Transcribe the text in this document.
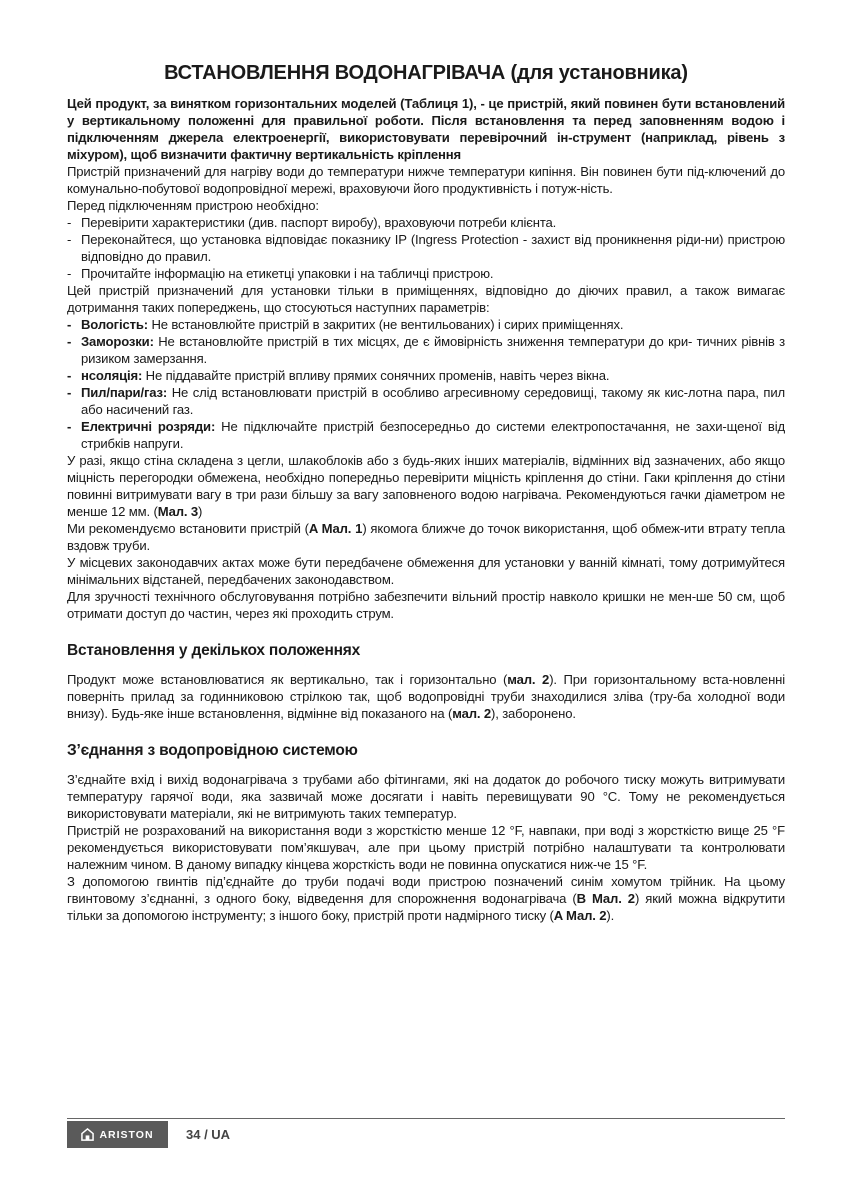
ВСТАНОВЛЕННЯ ВОДОНАГРІВАЧА (для установника)

Цей продукт, за винятком горизонтальних моделей (Таблиця 1), - це пристрій, який повинен бути встановлений у вертикальному положенні для правильної роботи. Після встановлення та перед заповненням водою і підключенням джерела електроенергії, використовувати перевірочний ін-струмент (наприклад, рівень з міхуром), щоб визначити фактичну вертикальність кріплення

Пристрій призначений для нагріву води до температури нижче температури кипіння. Він повинен бути під-ключений до комунально-побутової водопровідної мережі, враховуючи його продуктивність і потуж-ність.

Перед підключенням пристрою необхідно:

- Перевірити характеристики (див. паспорт виробу), враховуючи потреби клієнта.
- Переконайтеся, що установка відповідає показнику IP (Ingress Protection - захист від проникнення ріди-ни) пристрою відповідно до правил.
- Прочитайте інформацію на етикетці упаковки і на табличці пристрою.

Цей пристрій призначений для установки тільки в приміщеннях, відповідно до діючих правил, а також вимагає дотримання таких попереджень, що стосуються наступних параметрів:

- Вологість: Не встановлюйте пристрій в закритих (не вентильованих) і сирих приміщеннях.
- Заморозки: Не встановлюйте пристрій в тих місцях, де є ймовірність зниження температури до кри- тичних рівнів з ризиком замерзання.
- нсоляція: Не піддавайте пристрій впливу прямих сонячних променів, навіть через вікна.
- Пил/пари/газ: Не слід встановлювати пристрій в особливо агресивному середовищі, такому як кис-лотна пара, пил або насичений газ.
- Електричні розряди: Не підключайте пристрій безпосередньо до системи електропостачання, не захи-щеної від стрибків напруги.

У разі, якщо стіна складена з цегли, шлакоблоків або з будь-яких інших матеріалів, відмінних від зазначених, або якщо міцність перегородки обмежена, необхідно попередньо перевірити міцність кріплення до стіни. Гаки кріплення до стіни повинні витримувати вагу в три рази більшу за вагу заповненого водою нагрівача. Рекомендуються гачки діаметром не менше 12 мм. (Мал. 3)

Ми рекомендуємо встановити пристрій (A Мал. 1) якомога ближче до точок використання, щоб обмеж-ити втрату тепла вздовж труби.

У місцевих законодавчих актах може бути передбачене обмеження для установки у ванній кімнаті, тому дотримуйтеся мінімальних відстаней, передбачених законодавством.

Для зручності технічного обслуговування потрібно забезпечити вільний простір навколо кришки не мен-ше 50 см, щоб отримати доступ до частин, через які проходить струм.

Встановлення у декількох положеннях

Продукт може встановлюватися як вертикально, так і горизонтально (мал. 2). При горизонтальному вста-новленні поверніть прилад за годинниковою стрілкою так, щоб водопровідні труби знаходилися зліва (тру-ба холодної води внизу). Будь-яке інше встановлення, відмінне від показаного на (мал. 2), заборонено.

З’єднання з водопровідною системою

З’єднайте вхід і вихід водонагрівача з трубами або фітингами, які на додаток до робочого тиску можуть витримувати температуру гарячої води, яка зазвичай може досягати і навіть перевищувати 90 °C. Тому не рекомендується використовувати матеріали, які не витримують таких температур.

Пристрій не розрахований на використання води з жорсткістю менше 12 °F, навпаки, при воді з жорсткістю вище 25 °F рекомендується використовувати пом’якшувач, але при цьому пристрій потрібно налаштувати та контролювати належним чином. В даному випадку кінцева жорсткість води не повинна опускатися ниж-че 15 °F.

З допомогою гвинтів під’єднайте до труби подачі води пристрою позначений синім хомутом трійник. На цьому гвинтовому з’єднанні, з одного боку, відведення для спорожнення водонагрівача (B Мал. 2) який можна відкрутити тільки за допомогою інструменту; з іншого боку, пристрій проти надмірного тиску (A Мал. 2).

ARISTON 34 / UA
